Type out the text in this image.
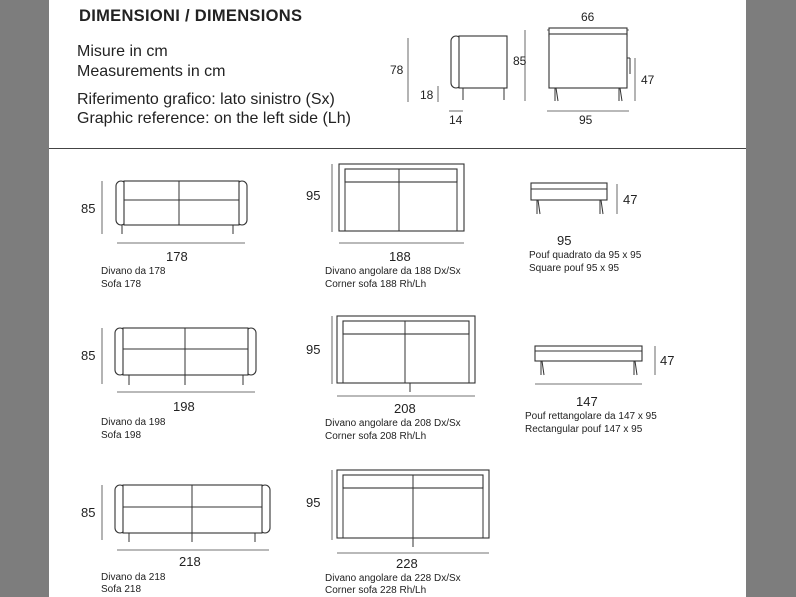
DIMENSIONI / DIMENSIONS
Misure in cm
Measurements in cm
Riferimento grafico: lato sinistro (Sx)
Graphic reference: on the left side (Lh)
78
18
14
85
66
47
95
85
178
Divano da 178
Sofa 178
85
198
Divano da 198
Sofa 198
85
218
Divano da 218
Sofa 218
95
188
Divano angolare da 188 Dx/Sx
Corner sofa 188 Rh/Lh
95
208
Divano angolare da 208 Dx/Sx
Corner sofa 208 Rh/Lh
95
228
Divano angolare da 228 Dx/Sx
Corner sofa 228 Rh/Lh
47
95
Pouf quadrato da 95 x 95
Square pouf 95 x 95
47
147
Pouf rettangolare da 147 x 95
Rectangular pouf 147 x 95
